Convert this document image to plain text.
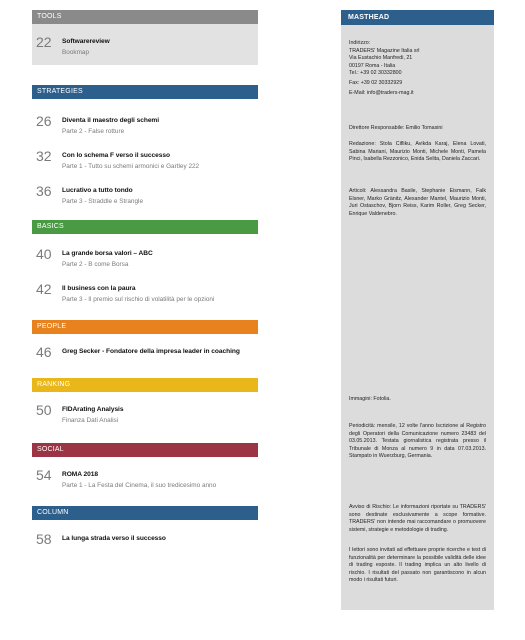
TOOLS
22	Softwarereview
Bookmap
STRATEGIES
26	Diventa il maestro degli schemi
Parte 2 - False rotture
32	Con lo schema F verso il successo
Parte 1 - Tutto su schemi armonici e Gartley 222
36	Lucrativo a tutto tondo
Parte 3 - Straddle e Strangle
BASICS
40	La grande borsa valori – ABC
Parte 2 - B come Borsa
42	Il business con la paura
Parte 3 - Il premio sul rischio di volatilità per le opzioni
PEOPLE
46	Greg Secker - Fondatore della impresa leader in coaching
RANKING
50	FIDArating Analysis
Finanza Dati Analisi
SOCIAL
54	ROMA 2018
Parte 1 - La Festa del Cinema, il suo tredicesimo anno
COLUMN
58	La lunga strada verso il successo
MASTHEAD

Indirizzo:

TRADERS' Magazine Italia srl

Via Eustachio Manfredi, 21

00197 Roma - Italia

Tel.: +39 02 30332800

Fax: +39 02 30332929

E-Mail: info@traders-mag.it

Direttore Responsabile: Emilio Tomasini

Redazione: Stola Cifliku, Avikda Karaj, Elena Lovati, Sabina Mariani, Maurizio Monti, Michele Monti, Pamela Pinci, Isabella Rezzonico, Enida Selita, Daniela Zaccari.

Articoli: Alessandra Basile, Stephanie Eismann, Falk Elsner, Marko Gränitz, Alexander Mantel, Maurizio Monti, Juri Ostaschov, Bjorn Reiss, Karim Roller, Greg Secker, Enrique Valdenebro.

Immagini: Fotolia.

Periodicità: mensile, 12 volte l'anno Iscrizione al Registro degli Operatori della Comunicazione numero 23483 del 03.05.2013. Testata giornalistica registrata presso il Tribunale di Monza al numero 9 in data 07.03.2013. Stampato in Wuerzburg, Germania.

Avviso di Rischio: Le informazioni riportate su TRADERS' sono destinate esclusivamente a scope formative. TRADERS' non intende mai raccomandare o promuovere sistemi, strategie e metodologie di trading.

I lettori sono invitati ad effettuare proprie ricerche e test di funzionalità per determinare la possibile validità delle idee di trading esposte. Il trading implica un alto livello di rischio. I risultati del passato non garantiscono in alcun modo i risultati futuri.
